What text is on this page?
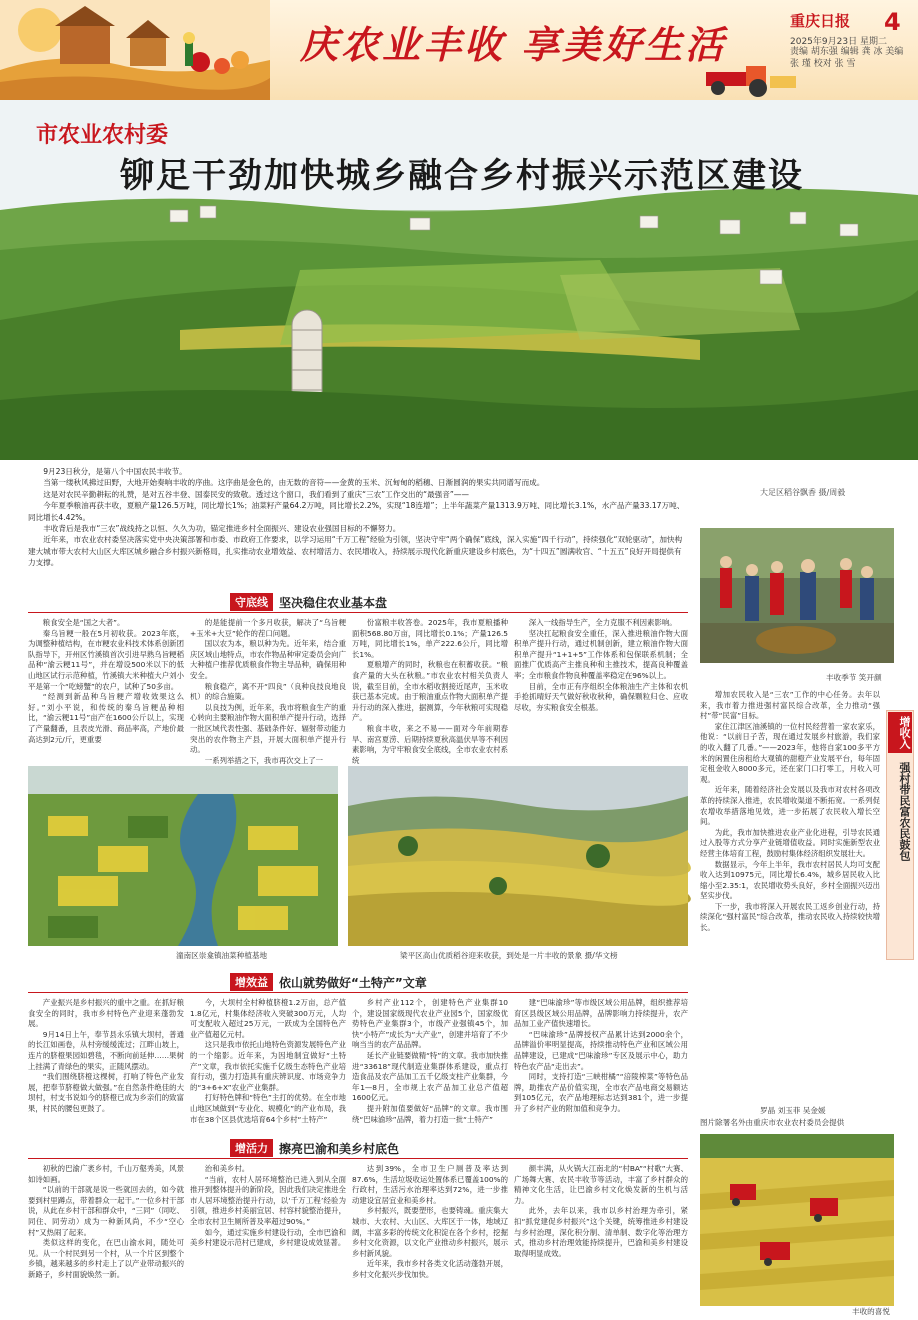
庆农业丰收 享美好生活
重庆日报 4
2025年9月23日 星期二
责编 胡东强 编辑 龚 冰 美编 张 瑾 校对 张 雪
市农业农村委
铆足干劲加快城乡融合乡村振兴示范区建设
大足区稻谷飘香 摄/周毅

9月23日秋分，是第八个中国农民丰收节。

当第一缕秋风拂过田野，大地开始奏响丰收的序曲。这序曲是金色的，由无数的音符——金黄的玉米、沉甸甸的稻穗、日渐圆润的果实共同谱写而成。

这是对农民辛勤耕耘的礼赞，是对五谷丰登、国泰民安的致敬。透过这个窗口，我们看到了重庆“三农”工作交出的“最强音”——

今年夏季粮油再获丰收，夏粮产量126.5万吨，同比增长1%；油菜籽产量64.2万吨，同比增长2.2%，实现“18连增”；上半年蔬菜产量1313.9万吨、同比增长3.1%，水产品产量33.17万吨、同比增长4.42%。

丰收背后是我市“三农”战线持之以恒、久久为功，锚定推进乡村全面振兴、建设农业强国目标的不懈努力。

近年来，市农业农村委坚决落实党中央决策部署和市委、市政府工作要求，以学习运用“千万工程”经验为引领，坚决守牢“两个确保”底线，深入实施“四千行动”，持续强化“双轮驱动”，加快构建大城市带大农村大山区大库区城乡融合乡村振兴新格局，扎实推动农业增效益、农村增活力、农民增收入，持续展示现代化新重庆建设乡村底色，为“十四五”圆满收官、“十五五”良好开局提供有力支撑。

丰收季节 笑开颜
守底线 坚决稳住农业基本盘

粮食安全是“国之大者”。

秦乌旨粳一般在5月初收获。2023年底，为调整种植结构，在市粳农业科技术体系创新团队指导下，开州区竹溪镇首次引进早熟乌旨粳稻品种“渝云粳11号”，并在增设500米以下的低山地区试行示范种植，竹溪镇大米种植大户刘小平是第一个“吃螃蟹”的农户，试种了50多亩。

“经测到新品种乌旨粳产增收效果这么好。”刘小平说，和传统的秦乌旨粳品种相比，“渝云粳11号”亩产在1600公斤以上，实现了产量翻番，且表皮光滑、商品率高，产地价最高达到2元/斤，更重要

的是能提前一个多月收获，解决了“乌旨粳+玉米+大豆”轮作的茬口问题。

国以农为本，粮以种为先。近年来，结合重庆区域山地特点，市农作物品种审定委员会向广大种植户推荐优质粮食作物主导品种，确保用种安全。

粮食稳产，离不开“四良”（良种良技良地良机）的综合施策。

以良技为例，近年来，我市将粮食生产的重心转向主要粮油作物大面积单产提升行动，选择一批区域代表性强、基础条件好、辐射带动能力突出的农作物主产县，开展大面积单产提升行动。

一系列举措之下，我市再次交上了一

份富粮丰收答卷。2025年，我市夏粮播种面积568.80万亩，同比增长0.1%；产量126.5万吨，同比增长1%，单产222.6公斤，同比增长1%。

夏粮增产的同时，秋粮也在积蓄收获。“粮食产量的大头在秋粮。”市农业农村相关负责人说，截至目前，全市水稻收割接近尾声，玉米收获已基本完成。由于粮油重点作物大面积单产提升行动的深入推进，据测算，今年秋粮可实现稳产。

粮食丰收，来之不易——面对今年前期春旱、南宫夏涝、后期持续夏秋高温伏旱等不利因素影响，为守牢粮食安全底线，全市农业农村系统

深入一线指导生产，全力克服不利因素影响。

坚决扛起粮食安全重任，深入推进粮油作物大面积单产提升行动，通过机制创新，建立粮油作物大面积单产提升“1+1+5”工作体系和包保联系机制；全面推广优质高产主推良种和主推技术，提高良种覆盖率；全市粮食作物良种覆盖率稳定在96%以上。

目前，全市正有序组织全体粮油生产主体和农机手抢抓晴好天气做好秋收秋种，确保颗粒归仓、应收尽收，夯实粮食安全根基。

潼南区崇龛镇油菜种植基地	梁平区高山优质稻谷迎来收获，到处是一片丰收的景象 摄/华文榜
增效益 依山就势做好“土特产”文章

产业振兴是乡村振兴的重中之重。在抓好粮食安全的同时，我市乡村特色产业迎来蓬勃发展。

9月14日上午，奉节县永乐镇大坝村，普通的长江如画卷，从村旁缓缓流过；江畔山坡上，连片的脐橙果园如碧毯，不断向前延伸……果树上挂满了青绿色的果实，正随风摆动。

“我们围绕脐橙这棵树，打响了特色产业发展，把奉节脐橙做大做强。”在自然条件绝佳的大坝村，村支书说如今的脐橙已成为乡亲们的致富果，村民的腰包更鼓了。

今，大坝村全村种植脐橙1.2万亩，总产值1.8亿元，村集体经济收入突破300万元，人均可支配收入超过25万元，一跃成为全国特色产业产值超亿元村。

这只是我市依托山地特色资源发展特色产业的一个缩影。近年来，为因地制宜做好“土特产”文章，我市依托实施千亿级生态特色产业培育行动，强力打造具有重庆辨识度、市场竞争力的“3+6+X”农业产业集群。

打好特色牌和“特色”主打的优势。在全市地山地区域做到“专业化、规模化”的产业布局，我市在38个区县优选培育64个乡村“土特产”

乡村产业112个，创建特色产业集群10个，建设国家级现代农业产业园5个，国家级优势特色产业集群3个，市级产业强镇45个，加快“小特产”成长为“大产业”，创建并培育了不少响当当的农产品品牌。

延长产业链要做精“特”的文章。我市加快推进“33618”现代制造业集群体系建设，重点打造食品及农产品加工五千亿级支柱产业集群，今年1—8月，全市规上农产品加工业总产值超1600亿元。

提升附加值要做好“品牌”的文章。我市围绕“巴味渝珍”品牌，着力打造一批“土特产”

建“巴味渝珍”等市级区域公用品牌，组织推荐培育区县级区域公用品牌，品牌影响力持续提升，农产品加工业产值快速增长。

“巴味渝珍”品牌授权产品累计达到2000余个，品牌溢价率明显提高，持续推动特色产业和区域公用品牌建设，已建成“巴味渝珍”专区及展示中心，助力特色农产品“走出去”。

同时，支持打造“三峡柑橘”“涪陵榨菜”等特色品牌，助推农产品价值实现，全市农产品电商交易额达到105亿元，农产品地理标志达到381个，进一步提升了乡村产业的附加值和竞争力。

增活力 擦亮巴渝和美乡村底色

初秋的巴渝广袤乡村，千山万壑秀美，风景如诗如画。

“以前的干部就是说一些就回去的，如今就要到村里蹲点，带着群众一起干。”一位乡村干部说，从此在乡村干部和群众中，“三同”（同吃、同住、同劳动）成为一种新风尚，不少“空心村”又热闹了起来。

类似这样的变化，在巴山渝水间，随处可见。从一个村民到另一个村，从一个片区到整个乡镇，越来越多的乡村走上了以产业带动振兴的新路子，乡村面貌焕然一新。

治和美乡村。

“当前，农村人居环境整治已进入到从全面推开到整体提升的新阶段，因此我们决定推进全市人居环境整治提升行动，以‘千万工程’经验为引领，推进乡村美丽宜居、村容村貌整治提升，全市农村卫生厕所普及率超过90%。”

如今，通过实施乡村建设行动，全市巴渝和美乡村建设示范村已建成，乡村建设成效显著。

达到39%，全市卫生户厕普及率达到87.6%，生活垃圾收运处置体系已覆盖100%的行政村，生活污水治理率达到72%，进一步推动建设宜居宜业和美乡村。

乡村振兴，既要塑形，也要铸魂。重庆集大城市、大农村、大山区、大库区于一体，地域辽阔，丰富多彩的传统文化积淀在各个乡村，挖掘乡村文化资源，以文化产业推动乡村振兴，展示乡村新风貌。

近年来，我市乡村各类文化活动蓬勃开展，乡村文化振兴步伐加快。

颜丰满，从火锅大江南北的“村BA”“村歌”大赛、广场舞大赛、农民丰收节等活动，丰富了乡村群众的精神文化生活，让巴渝乡村文化焕发新的生机与活力。

此外，去年以来，我市以乡村治理为牵引，紧扣“抓党建促乡村振兴”这个关键，统筹推进乡村建设与乡村治理，深化积分制、清单制、数字化等治理方式，推动乡村治理效能持续提升，巴渝和美乡村建设取得明显成效。

增收入
强村带民富农民鼓包

增加农民收入是“三农”工作的中心任务。去年以来，我市着力推进强村富民综合改革，全力推动“强村”带“民富”目标。

家住江津区油溪镇的一位村民经营着一家农家乐，他说：“以前日子苦，现在通过发展乡村旅游，我们家的收入翻了几番。”——2023年，他将自家100多平方米的闲置住房租给大观镇的甜橙产业发展平台，每年固定租金收入8000多元，还在家门口打零工，月收入可观。

近年来，随着经济社会发展以及我市对农村各项改革的持续深入推进，农民增收渠道不断拓宽。一系列促农增收举措落地见效，进一步拓展了农民收入增长空间。

为此，我市加快推进农业产业化进程，引导农民通过入股等方式分享产业链增值收益。同时实施新型农业经营主体培育工程，鼓励村集体经济组织发展壮大。

数据显示，今年上半年，我市农村居民人均可支配收入达到10975元，同比增长6.4%，城乡居民收入比缩小至2.35:1，农民增收势头良好，乡村全面振兴迈出坚实步伐。

下一步，我市将深入开展农民工返乡创业行动，持续深化“强村富民”综合改革，推动农民收入持续较快增长。

罗晶 刘玉菲 吴金媛
图片除署名外由重庆市农业农村委员会提供
丰收的喜悦
